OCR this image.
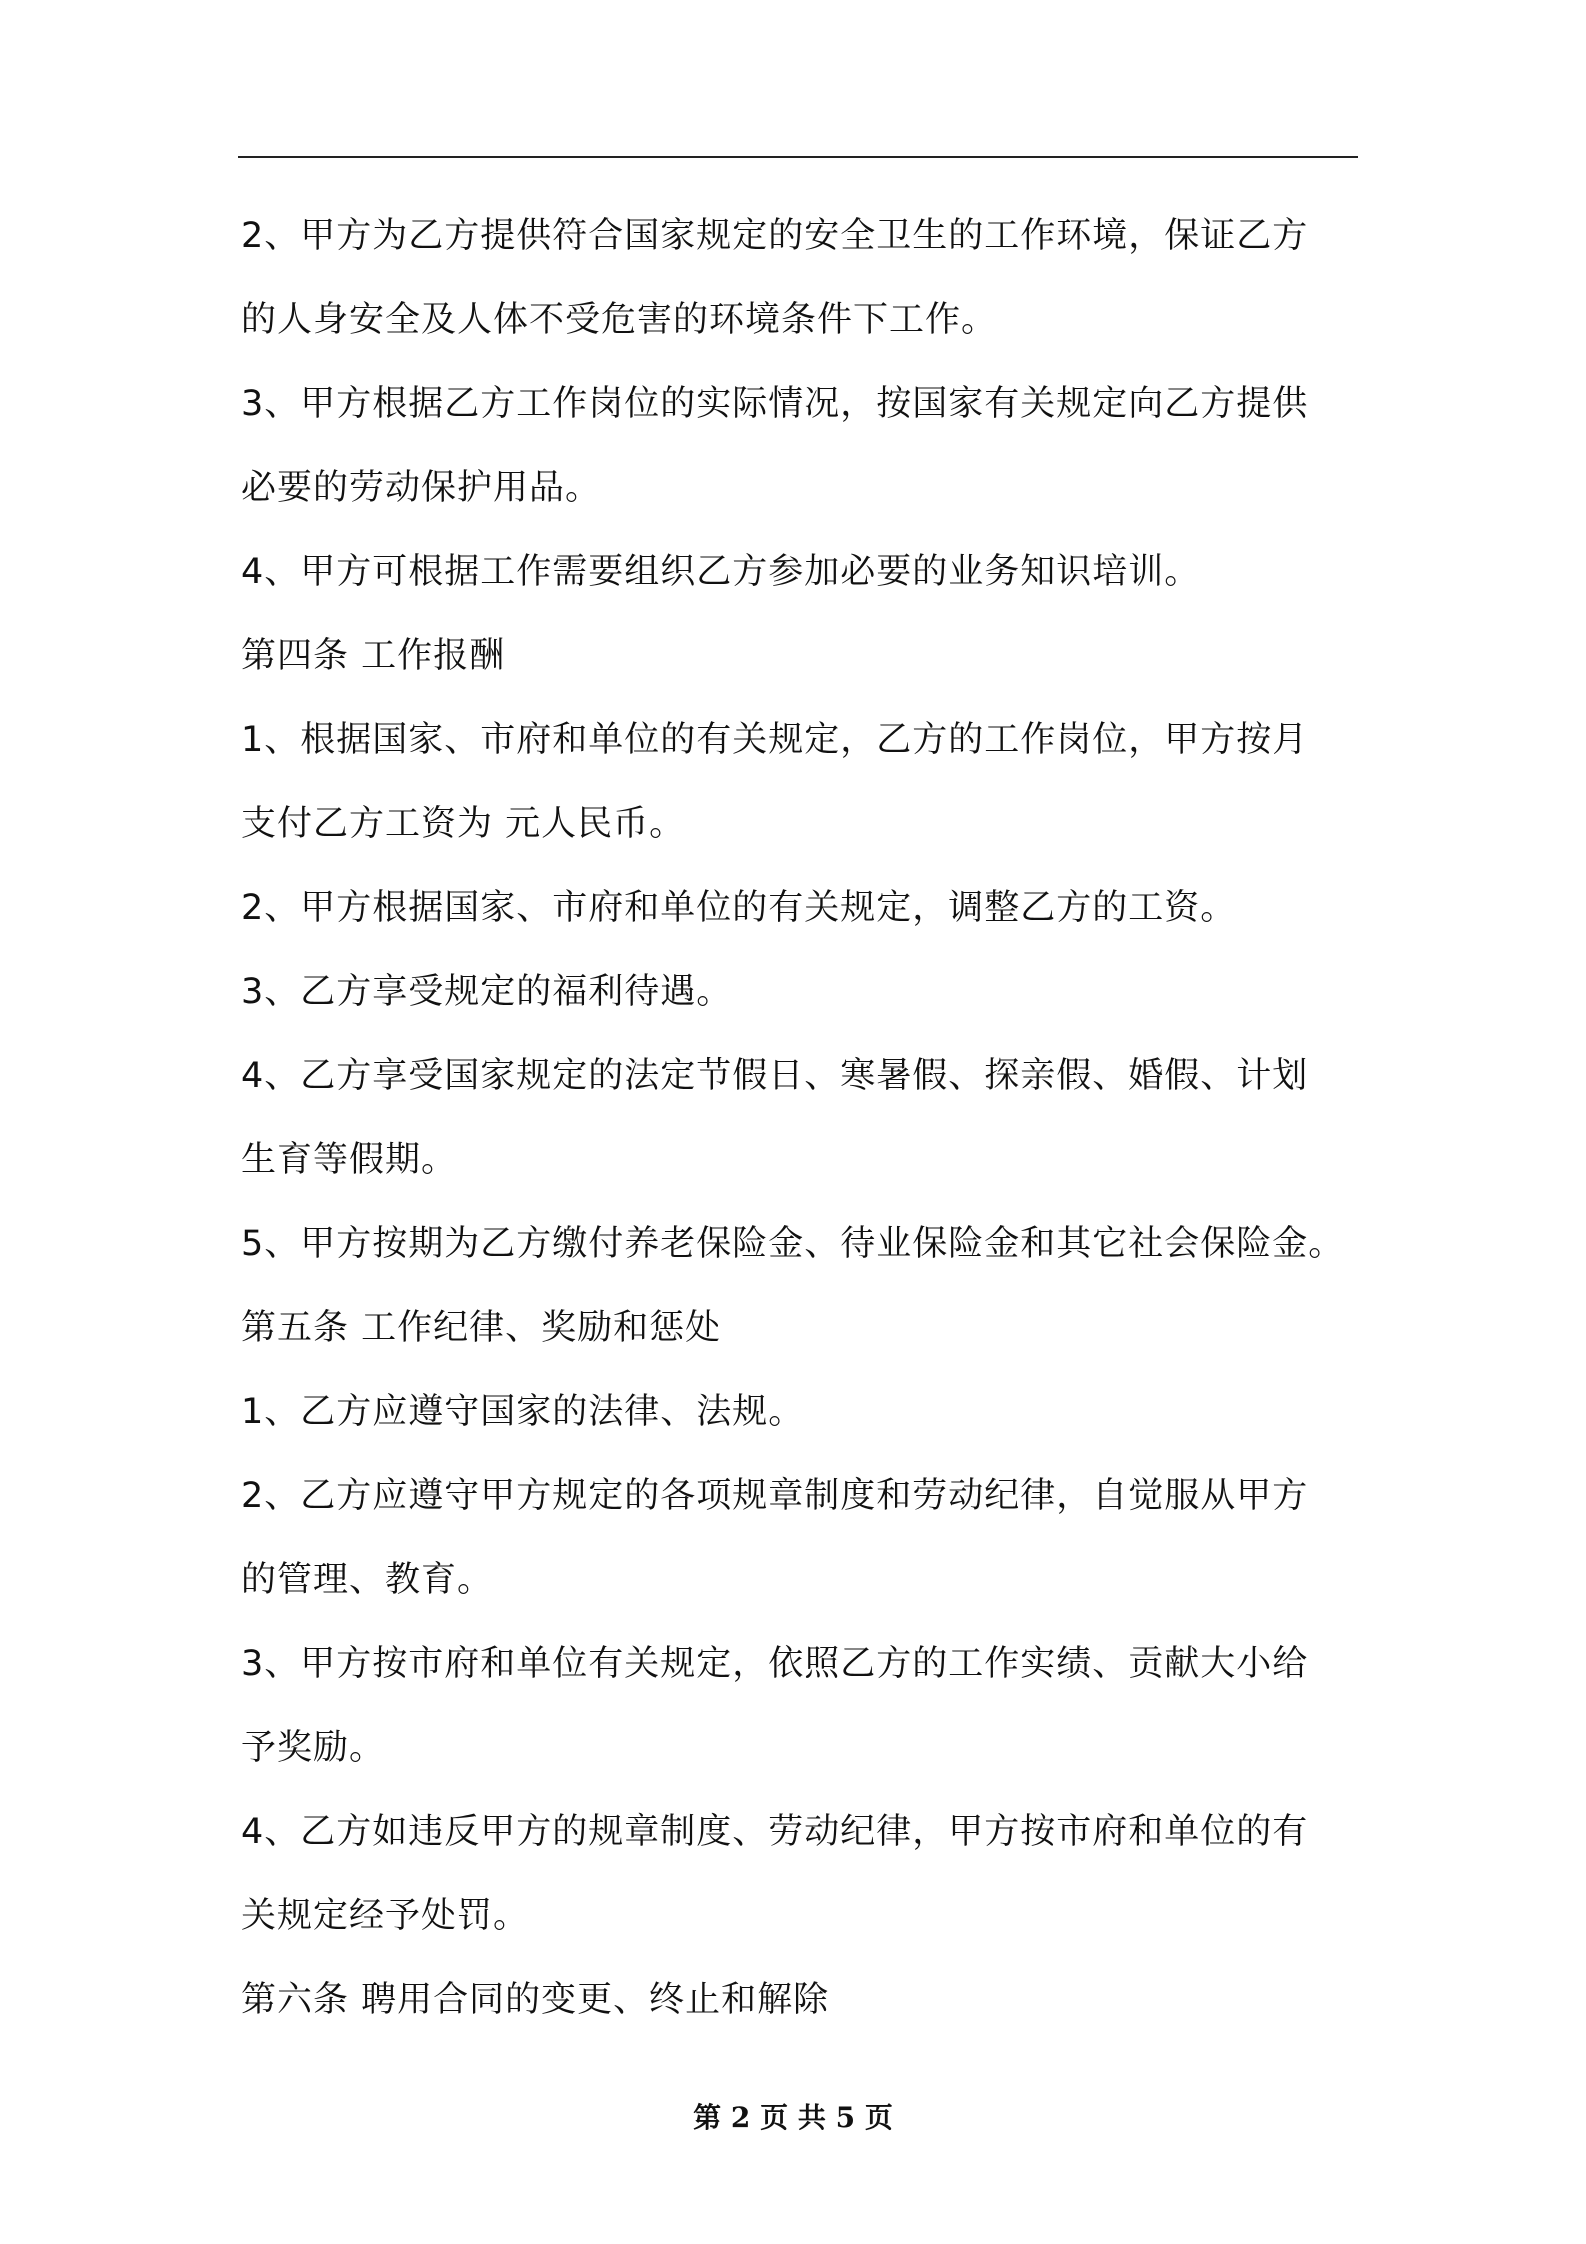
2、甲方为乙方提供符合国家规定的安全卫生的工作环境，保证乙方
的人身安全及人体不受危害的环境条件下工作。
3、甲方根据乙方工作岗位的实际情况，按国家有关规定向乙方提供
必要的劳动保护用品。
4、甲方可根据工作需要组织乙方参加必要的业务知识培训。
第四条 工作报酬
1、根据国家、市府和单位的有关规定，乙方的工作岗位，甲方按月
支付乙方工资为 元人民币。
2、甲方根据国家、市府和单位的有关规定，调整乙方的工资。
3、乙方享受规定的福利待遇。
4、乙方享受国家规定的法定节假日、寒暑假、探亲假、婚假、计划
生育等假期。
5、甲方按期为乙方缴付养老保险金、待业保险金和其它社会保险金。
第五条 工作纪律、奖励和惩处
1、乙方应遵守国家的法律、法规。
2、乙方应遵守甲方规定的各项规章制度和劳动纪律，自觉服从甲方
的管理、教育。
3、甲方按市府和单位有关规定，依照乙方的工作实绩、贡献大小给
予奖励。
4、乙方如违反甲方的规章制度、劳动纪律，甲方按市府和单位的有
关规定经予处罚。
第六条 聘用合同的变更、终止和解除
第 2 页 共 5 页
